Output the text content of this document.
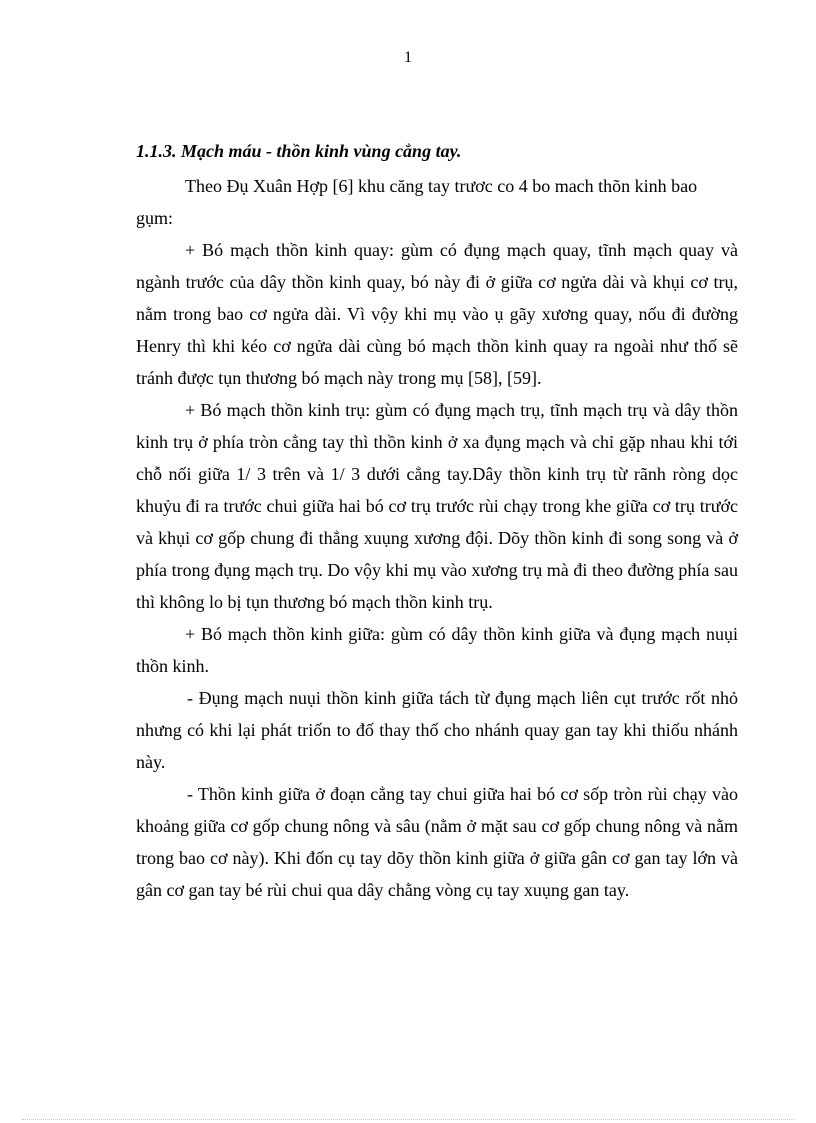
1
1.1.3. Mạch máu - thồn kinh vùng cẳng tay.

Theo Đụ Xuân Hợp [6] khu căng tay trươc co 4 bo mach thõn kinh bao gụm:

+ Bó mạch thồn kinh quay: gùm có đụng mạch quay, tĩnh mạch quay và ngành trước của dây thồn kinh quay, bó này đi ở giữa cơ ngửa dài và khụi cơ trụ, nằm trong bao cơ ngửa dài. Vì vộy khi mụ vào ụ gãy xương quay, nốu đi đường Henry thì khi kéo cơ ngửa dài cùng bó mạch thồn kinh quay ra ngoài như thố sẽ tránh được tụn thương bó mạch này trong mụ [58], [59].

+ Bó mạch thồn kinh trụ: gùm có đụng mạch trụ, tĩnh mạch trụ và dây thồn kinh trụ ở phía tròn cẳng tay thì thồn kinh ở xa đụng mạch và chỉ gặp nhau khi tới chỗ nối giữa 1/ 3 trên và 1/ 3 dưới cẳng tay.Dây thồn kinh trụ từ rãnh ròng dọc khuỷu đi ra trước chui giữa hai bó cơ trụ trước rùi chạy trong khe giữa cơ trụ trước và khụi cơ gốp chung đi thẳng xuụng xương đội. Dõy thồn kinh đi song song và ở phía trong đụng mạch trụ. Do vộy khi mụ vào xương trụ mà đi theo đường phía sau thì không lo bị tụn thương bó mạch thồn kinh trụ.

+ Bó mạch thồn kinh giữa: gùm có dây thồn kinh giữa và đụng mạch nuụi thồn kinh.

- Đụng mạch nuụi thồn kinh giữa tách từ đụng mạch liên cụt trước rốt nhỏ nhưng có khi lại phát triốn to đố thay thố cho nhánh quay gan tay khi thiốu nhánh này.

- Thồn kinh giữa ở đoạn cẳng tay chui giữa hai bó cơ sốp tròn rùi chạy vào khoảng giữa cơ gốp chung nông và sâu (nằm ở mặt sau cơ gốp chung nông và nằm trong bao cơ này). Khi đốn cụ tay dõy thồn kinh giữa ở giữa gân cơ gan tay lớn và gân cơ gan tay bé rùi chui qua dây chằng vòng cụ tay xuụng gan tay.
